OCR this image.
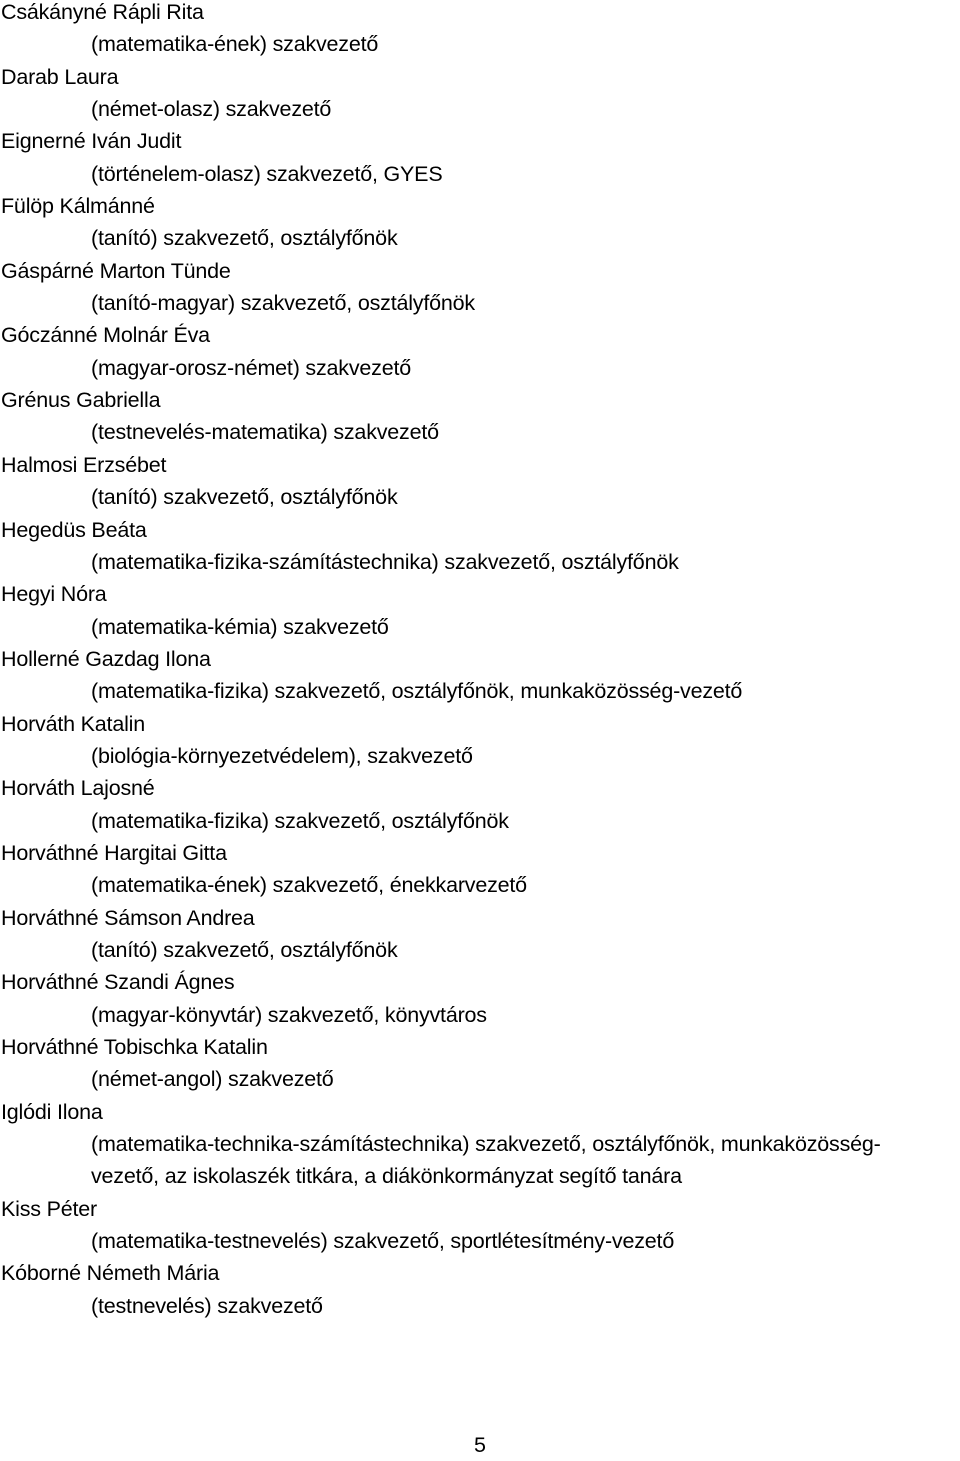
Csákányné Rápli Rita
(matematika-ének) szakvezető
Darab Laura
(német-olasz) szakvezető
Eignerné Iván Judit
(történelem-olasz) szakvezető, GYES
Fülöp Kálmánné
(tanító) szakvezető, osztályfőnök
Gáspárné Marton Tünde
(tanító-magyar) szakvezető, osztályfőnök
Góczánné Molnár Éva
(magyar-orosz-német) szakvezető
Grénus Gabriella
(testnevelés-matematika) szakvezető
Halmosi Erzsébet
(tanító) szakvezető, osztályfőnök
Hegedüs Beáta
(matematika-fizika-számítástechnika) szakvezető, osztályfőnök
Hegyi Nóra
(matematika-kémia) szakvezető
Hollerné Gazdag Ilona
(matematika-fizika) szakvezető, osztályfőnök, munkaközösség-vezető
Horváth Katalin
(biológia-környezetvédelem), szakvezető
Horváth Lajosné
(matematika-fizika) szakvezető, osztályfőnök
Horváthné Hargitai Gitta
(matematika-ének) szakvezető, énekkarvezető
Horváthné Sámson Andrea
(tanító) szakvezető, osztályfőnök
Horváthné Szandi Ágnes
(magyar-könyvtár) szakvezető, könyvtáros
Horváthné Tobischka Katalin
(német-angol) szakvezető
Iglódi Ilona
(matematika-technika-számítástechnika) szakvezető, osztályfőnök, munkaközösség-
vezető, az iskolaszék titkára, a diákönkormányzat segítő tanára
Kiss Péter
(matematika-testnevelés) szakvezető, sportlétesítmény-vezető
Kóborné Németh Mária
(testnevelés) szakvezető
5
